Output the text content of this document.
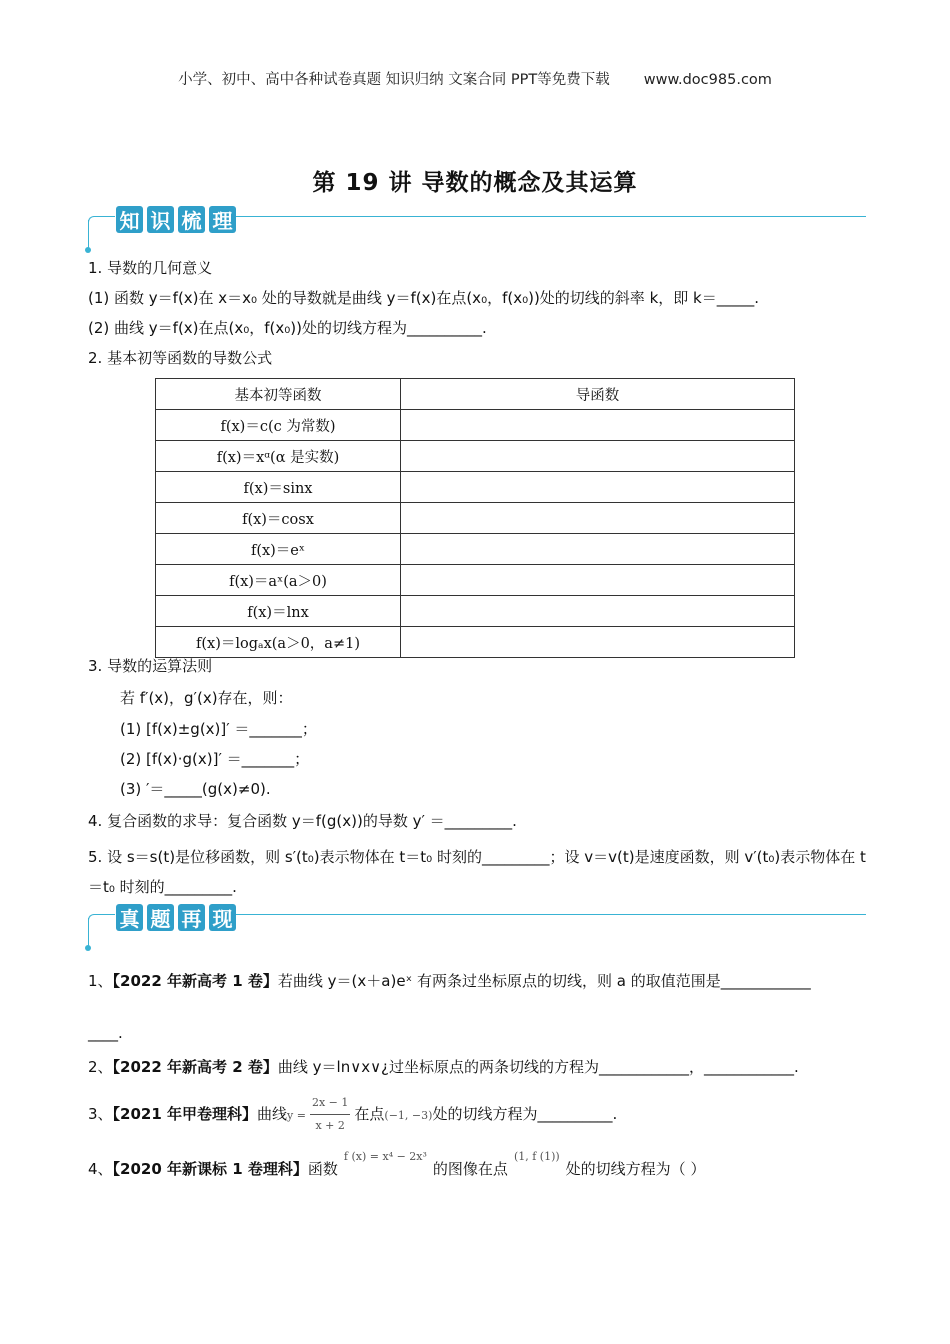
小学、初中、高中各种试卷真题 知识归纳 文案合同 PPT等免费下载 www.doc985.com
第 19 讲 导数的概念及其运算
知 识 梳 理
1. 导数的几何意义
(1) 函数 y＝f(x)在 x＝x₀ 处的导数就是曲线 y＝f(x)在点(x₀，f(x₀))处的切线的斜率 k，即 k＝_____.
(2) 曲线 y＝f(x)在点(x₀，f(x₀))处的切线方程为__________.
2. 基本初等函数的导数公式
基本初等函数	导函数
f(x)＝c(c 为常数)	
f(x)＝xᵅ(α 是实数)	
f(x)＝sinx	
f(x)＝cosx	
f(x)＝eˣ	
f(x)＝aˣ(a＞0)	
f(x)＝lnx	
f(x)＝logₐx(a＞0，a≠1)	
3. 导数的运算法则
若 f′(x)，g′(x)存在，则：
(1) [f(x)±g(x)]′ ＝_______；
(2) [f(x)·g(x)]′ ＝_______；
(3) ′＝_____(g(x)≠0).
4. 复合函数的求导：复合函数 y＝f(g(x))的导数 y′ ＝_________.
5. 设 s＝s(t)是位移函数，则 s′(t₀)表示物体在 t＝t₀ 时刻的_________；设 v＝v(t)是速度函数，则 v′(t₀)表示物体在 t＝t₀ 时刻的_________.
真 题 再 现
1、【2022 年新高考 1 卷】若曲线 y＝(x＋a)eˣ 有两条过坐标原点的切线，则 a 的取值范围是____________
____.
2、【2022 年新高考 2 卷】曲线 y＝ln∨x∨¿过坐标原点的两条切线的方程为____________，____________.
3、【2021 年甲卷理科】曲线$y = \frac{2x - 1}{x + 2}$ 在点(−1, −3)处的切线方程为__________.
4、【2020 年新课标 1 卷理科】函数$^{f (x) = x^4 - 2x^3}$的图像在点$^{(1, f (1))}$处的切线方程为（ ）
